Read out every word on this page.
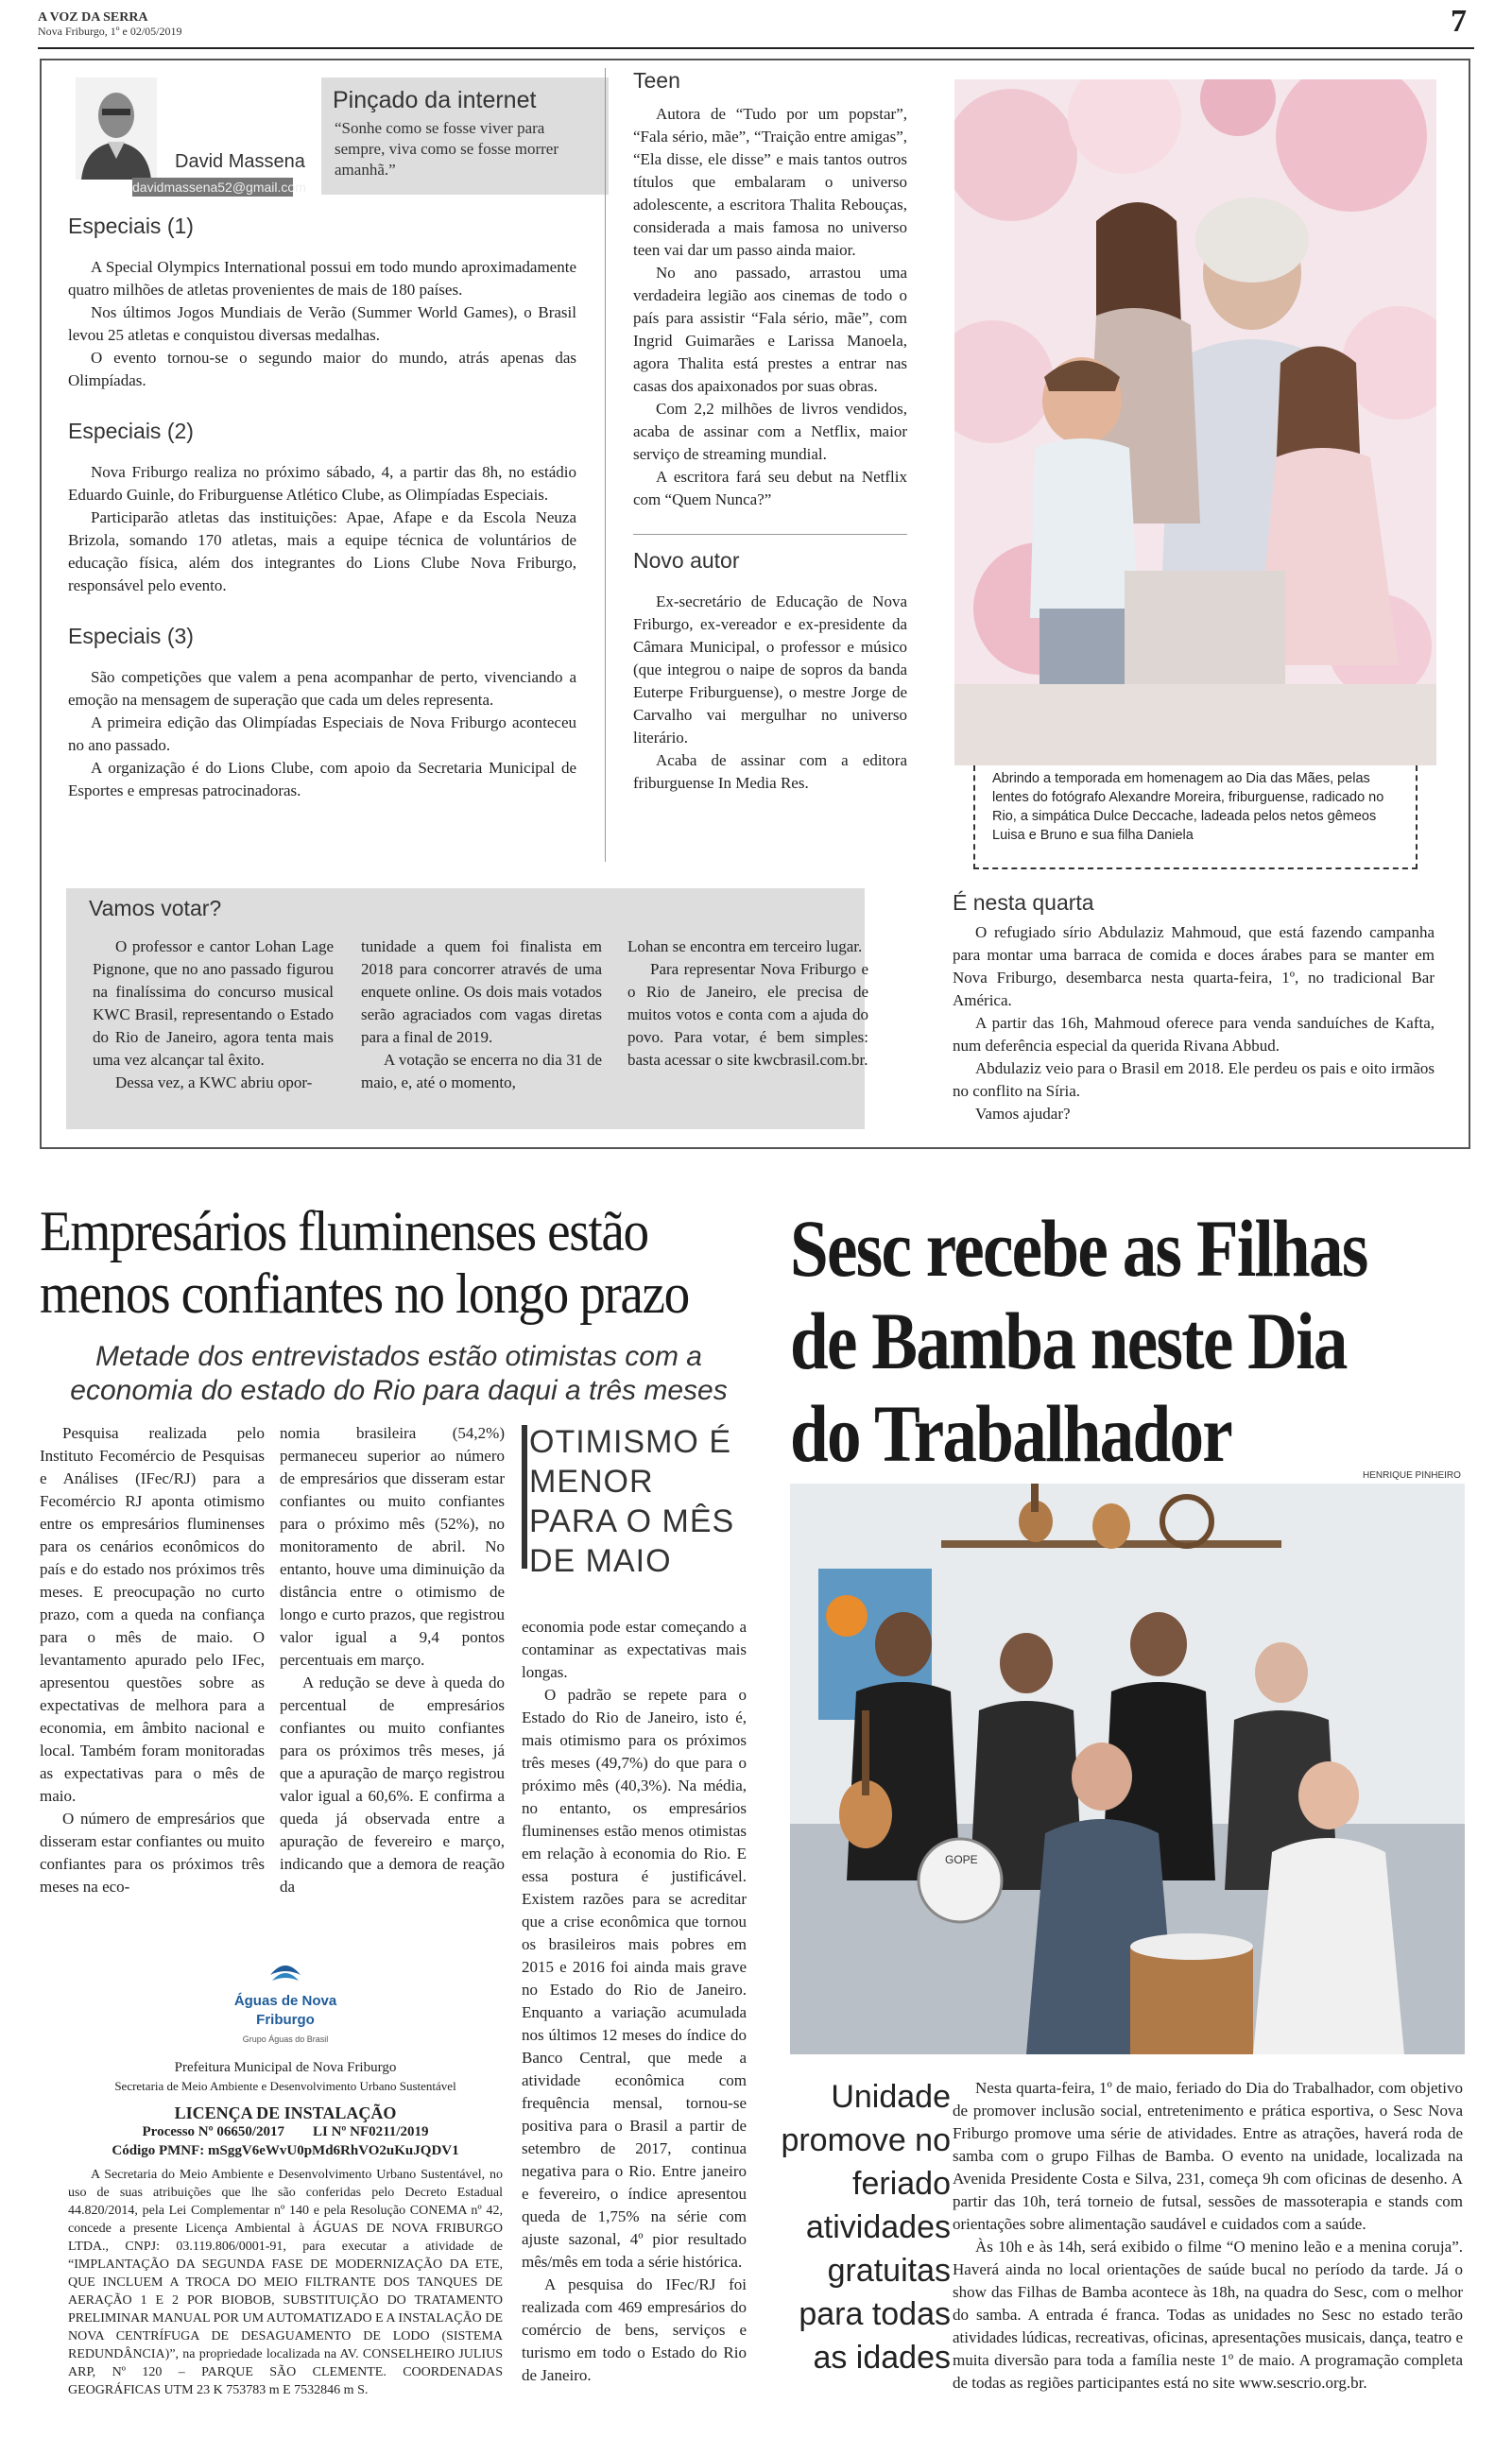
A VOZ DA SERRA
Nova Friburgo, 1º e 02/05/2019	7
David Massena
davidmassena52@gmail.com
Pinçado da internet
“Sonhe como se fosse viver para sempre, viva como se fosse morrer amanhã.”
Especiais (1)

A Special Olympics International possui em todo mundo aproximadamente quatro milhões de atletas provenientes de mais de 180 países.

Nos últimos Jogos Mundiais de Verão (Summer World Games), o Brasil levou 25 atletas e conquistou diversas medalhas.

O evento tornou-se o segundo maior do mundo, atrás apenas das Olimpíadas.

Especiais (2)

Nova Friburgo realiza no próximo sábado, 4, a partir das 8h, no estádio Eduardo Guinle, do Friburguense Atlético Clube, as Olimpíadas Especiais.

Participarão atletas das instituições: Apae, Afape e da Escola Neuza Brizola, somando 170 atletas, mais a equipe técnica de voluntários de educação física, além dos integrantes do Lions Clube Nova Friburgo, responsável pelo evento.

Especiais (3)

São competições que valem a pena acompanhar de perto, vivenciando a emoção na mensagem de superação que cada um deles representa.

A primeira edição das Olimpíadas Especiais de Nova Friburgo aconteceu no ano passado.

A organização é do Lions Clube, com apoio da Secretaria Municipal de Esportes e empresas patrocinadoras.

Teen

Autora de “Tudo por um popstar”, “Fala sério, mãe”, “Traição entre amigas”, “Ela disse, ele disse” e mais tantos outros títulos que embalaram o universo adolescente, a escritora Thalita Rebouças, considerada a mais famosa no universo teen vai dar um passo ainda maior.

No ano passado, arrastou uma verdadeira legião aos cinemas de todo o país para assistir “Fala sério, mãe”, com Ingrid Guimarães e Larissa Manoela, agora Thalita está prestes a entrar nas casas dos apaixonados por suas obras.

Com 2,2 milhões de livros vendidos, acaba de assinar com a Netflix, maior serviço de streaming mundial.

A escritora fará seu debut na Netflix com “Quem Nunca?”

Novo autor

Ex-secretário de Educação de Nova Friburgo, ex-vereador e ex-presidente da Câmara Municipal, o professor e músico (que integrou o naipe de sopros da banda Euterpe Friburguense), o mestre Jorge de Carvalho vai mergulhar no universo literário.

Acaba de assinar com a editora friburguense In Media Res.	Abrindo a temporada em homenagem ao Dia das Mães, pelas lentes do fotógrafo Alexandre Moreira, friburguense, radicado no Rio, a simpática Dulce Deccache, ladeada pelos netos gêmeos Luisa e Bruno e sua filha Daniela
Vamos votar?

O professor e cantor Lohan Lage Pignone, que no ano passado figurou na finalíssima do concurso musical KWC Brasil, representando o Estado do Rio de Janeiro, agora tenta mais uma vez alcançar tal êxito.

Dessa vez, a KWC abriu opor-

tunidade a quem foi finalista em 2018 para concorrer através de uma enquete online. Os dois mais votados serão agraciados com vagas diretas para a final de 2019.

A votação se encerra no dia 31 de maio, e, até o momento,

Lohan se encontra em terceiro lugar.

Para representar Nova Friburgo e o Rio de Janeiro, ele precisa de muitos votos e conta com a ajuda do povo. Para votar, é bem simples: basta acessar o site kwcbrasil.com.br.

É nesta quarta

O refugiado sírio Abdulaziz Mahmoud, que está fazendo campanha para montar uma barraca de comida e doces árabes para se manter em Nova Friburgo, desembarca nesta quarta-feira, 1º, no tradicional Bar América.

A partir das 16h, Mahmoud oferece para venda sanduíches de Kafta, num deferência especial da querida Rivana Abbud.

Abdulaziz veio para o Brasil em 2018. Ele perdeu os pais e oito irmãos no conflito na Síria.

Vamos ajudar?

Empresários fluminenses estão menos confiantes no longo prazo
Metade dos entrevistados estão otimistas com a economia do estado do Rio para daqui a três meses

Pesquisa realizada pelo Instituto Fecomércio de Pesquisas e Análises (IFec/RJ) para a Fecomércio RJ aponta otimismo entre os empresários fluminenses para os cenários econômicos do país e do estado nos próximos três meses. E preocupação no curto prazo, com a queda na confiança para o mês de maio. O levantamento apurado pelo IFec, apresentou questões sobre as expectativas de melhora para a economia, em âmbito nacional e local. Também foram monitoradas as expectativas para o mês de maio.

O número de empresários que disseram estar confiantes ou muito confiantes para os próximos três meses na eco-

nomia brasileira (54,2%) permaneceu superior ao número de empresários que disseram estar confiantes ou muito confiantes para o próximo mês (52%), no monitoramento de abril. No entanto, houve uma diminuição da distância entre o otimismo de longo e curto prazos, que registrou valor igual a 9,4 pontos percentuais em março.

A redução se deve à queda do percentual de empresários confiantes ou muito confiantes para os próximos três meses, já que a apuração de março registrou valor igual a 60,6%. E confirma a queda já observada entre a apuração de fevereiro e março, indicando que a demora de reação da

OTIMISMO É MENOR PARA O MÊS DE MAIO

economia pode estar começando a contaminar as expectativas mais longas.

O padrão se repete para o Estado do Rio de Janeiro, isto é, mais otimismo para os próximos três meses (49,7%) do que para o próximo mês (40,3%). Na média, no entanto, os empresários fluminenses estão menos otimistas em relação à economia do Rio. E essa postura é justificável. Existem razões para se acreditar que a crise econômica que tornou os brasileiros mais pobres em 2015 e 2016 foi ainda mais grave no Estado do Rio de Janeiro. Enquanto a variação acumulada nos últimos 12 meses do índice do Banco Central, que mede a atividade econômica com frequência mensal, tornou-se positiva para o Brasil a partir de setembro de 2017, continua negativa para o Rio. Entre janeiro e fevereiro, o índice apresentou queda de 1,75% na série com ajuste sazonal, 4º pior resultado mês/mês em toda a série histórica.

A pesquisa do IFec/RJ foi realizada com 469 empresários do comércio de bens, serviços e turismo em todo o Estado do Rio de Janeiro.

Águas de Nova Friburgo
Grupo Águas do Brasil
Prefeitura Municipal de Nova Friburgo
Secretaria de Meio Ambiente e Desenvolvimento Urbano Sustentável
LICENÇA DE INSTALAÇÃO
Processo Nº 06650/2017        LI Nº NF0211/2019
Código PMNF: mSggV6eWvU0pMd6RhVO2uKuJQDV1
A Secretaria do Meio Ambiente e Desenvolvimento Urbano Sustentável, no uso de suas atribuições que lhe são conferidas pelo Decreto Estadual 44.820/2014, pela Lei Complementar nº 140 e pela Resolução CONEMA nº 42, concede a presente Licença Ambiental à ÁGUAS DE NOVA FRIBURGO LTDA., CNPJ: 03.119.806/0001-91, para executar a atividade de “IMPLANTAÇÃO DA SEGUNDA FASE DE MODERNIZAÇÃO DA ETE, QUE INCLUEM A TROCA DO MEIO FILTRANTE DOS TANQUES DE AERAÇÃO 1 E 2 POR BIOBOB, SUBSTITUIÇÃO DO TRATAMENTO PRELIMINAR MANUAL POR UM AUTOMATIZADO E A INSTALAÇÃO DE NOVA CENTRÍFUGA DE DESAGUAMENTO DE LODO (SISTEMA REDUNDÂNCIA)”, na propriedade localizada na AV. CONSELHEIRO JULIUS ARP, Nº 120 – PARQUE SÃO CLEMENTE. COORDENADAS GEOGRÁFICAS UTM 23 K 753783 m E 7532846 m S.
Sesc recebe as Filhas de Bamba neste Dia do Trabalhador	HENRIQUE PINHEIRO
GOPE
Unidade promove no feriado atividades gratuitas para todas as idades

Nesta quarta-feira, 1º de maio, feriado do Dia do Trabalhador, com objetivo de promover inclusão social, entretenimento e prática esportiva, o Sesc Nova Friburgo promove uma série de atividades. Entre as atrações, haverá roda de samba com o grupo Filhas de Bamba. O evento na unidade, localizada na Avenida Presidente Costa e Silva, 231, começa 9h com oficinas de desenho. A partir das 10h, terá torneio de futsal, sessões de massoterapia e stands com orientações sobre alimentação saudável e cuidados com a saúde.

Às 10h e às 14h, será exibido o filme “O menino leão e a menina coruja”. Haverá ainda no local orientações de saúde bucal no período da tarde. Já o show das Filhas de Bamba acontece às 18h, na quadra do Sesc, com o melhor do samba. A entrada é franca. Todas as unidades no Sesc no estado terão atividades lúdicas, recreativas, oficinas, apresentações musicais, dança, teatro e muita diversão para toda a família neste 1º de maio. A programação completa de todas as regiões participantes está no site www.sescrio.org.br.
